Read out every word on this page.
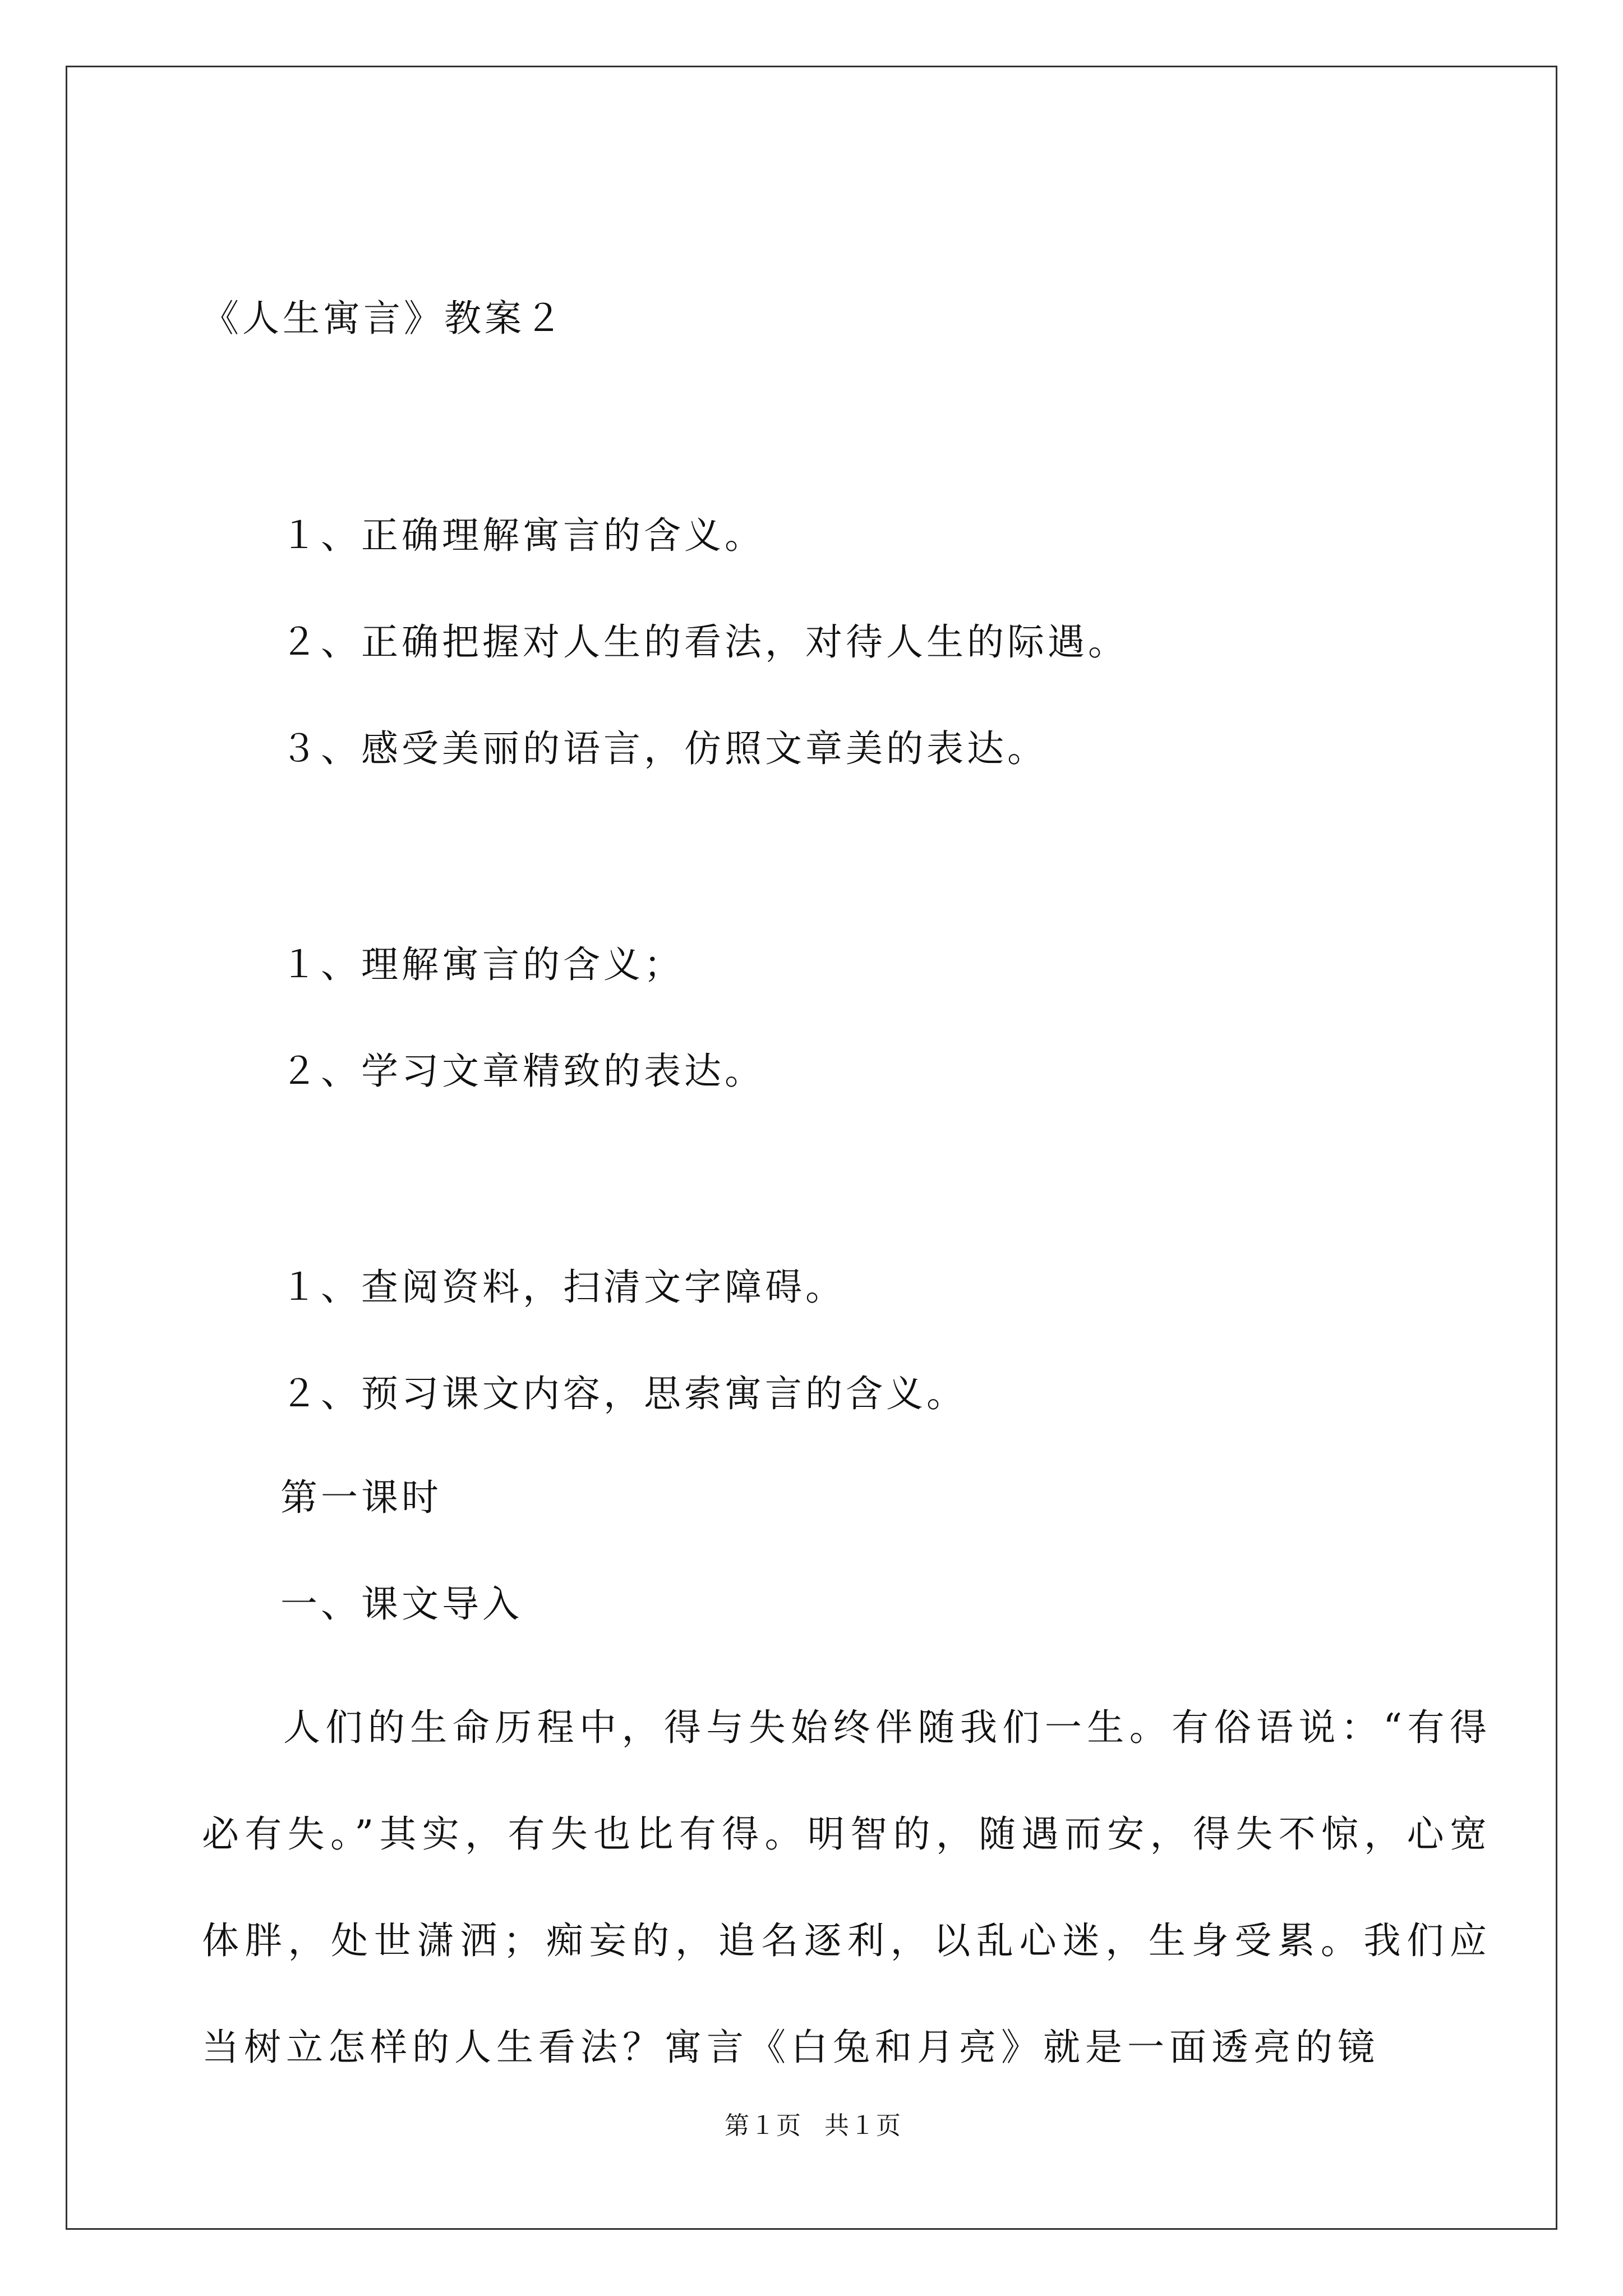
《人生寓言》教案２
１、正确理解寓言的含义。
２、正确把握对人生的看法，对待人生的际遇。
３、感受美丽的语言，仿照文章美的表达。
１、理解寓言的含义；
２、学习文章精致的表达。
１、查阅资料，扫清文字障碍。
２、预习课文内容，思索寓言的含义。
第一课时
一、课文导入
人们的生命历程中，得与失始终伴随我们一生。有俗语说：“有得必有失。”其实，有失也比有得。明智的，随遇而安，得失不惊，心宽体胖，处世潇洒；痴妄的，追名逐利，以乱心迷，生身受累。我们应当树立怎样的人生看法？寓言《白兔和月亮》就是一面透亮的镜
第１页 共１页
